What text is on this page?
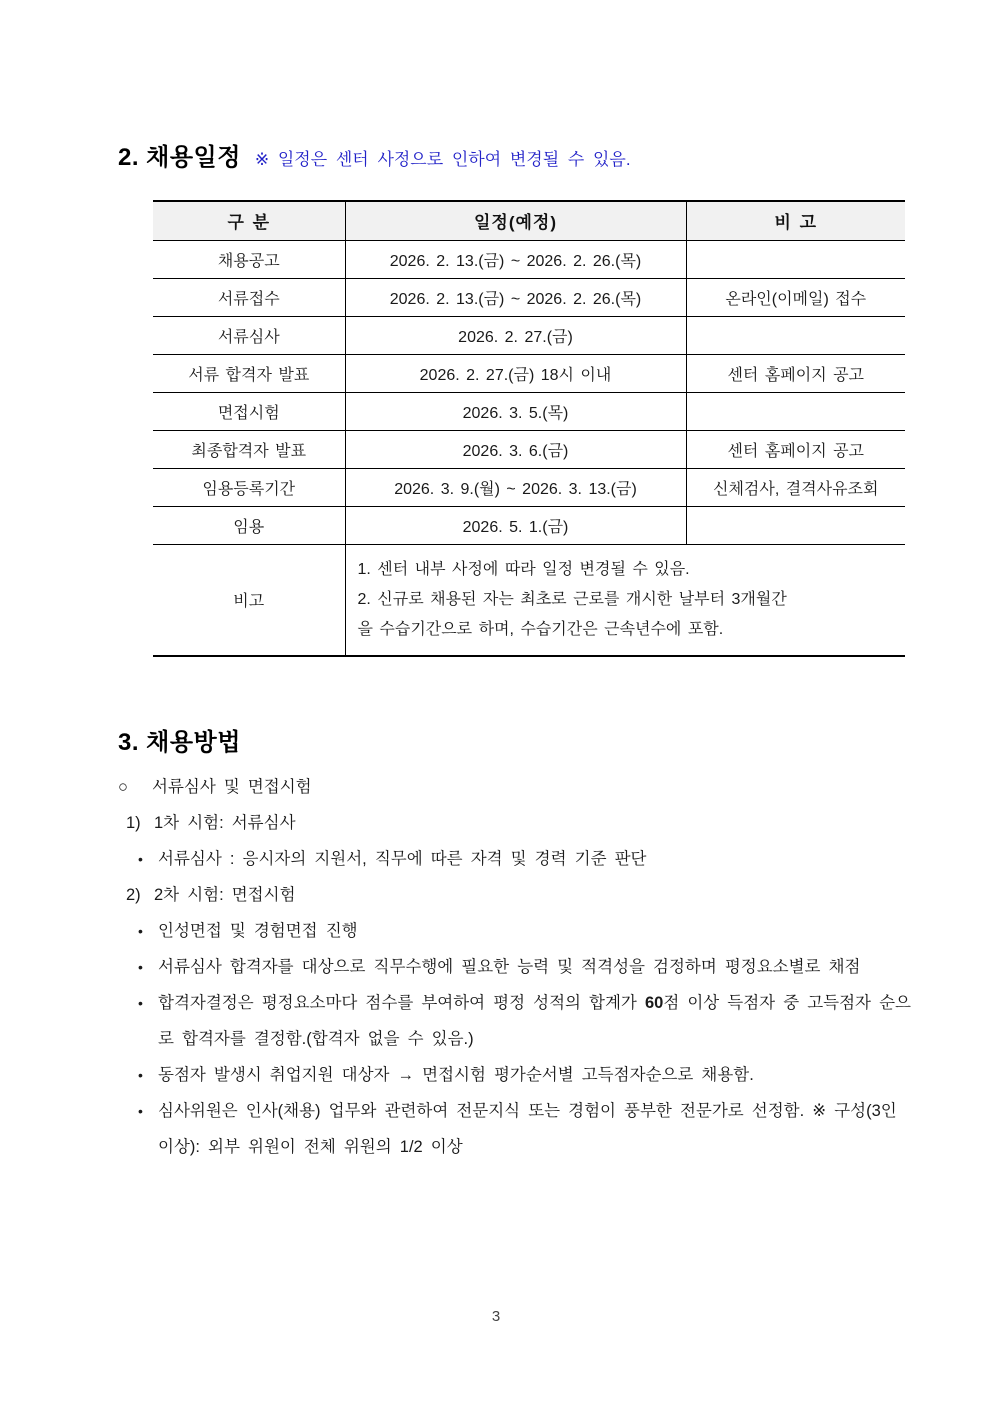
2. 채용일정 ※ 일정은 센터 사정으로 인하여 변경될 수 있음.
구 분	일정(예정)	비 고
채용공고	2026. 2. 13.(금) ~ 2026. 2. 26.(목)	
서류접수	2026. 2. 13.(금) ~ 2026. 2. 26.(목)	온라인(이메일) 접수
서류심사	2026. 2. 27.(금)	
서류 합격자 발표	2026. 2. 27.(금) 18시 이내	센터 홈페이지 공고
면접시험	2026. 3. 5.(목)	
최종합격자 발표	2026. 3. 6.(금)	센터 홈페이지 공고
임용등록기간	2026. 3. 9.(월) ~ 2026. 3. 13.(금)	신체검사, 결격사유조회
임용	2026. 5. 1.(금)	
비고	1. 센터 내부 사정에 따라 일정 변경될 수 있음.
2. 신규로 채용된 자는 최초로 근로를 개시한 날부터 3개월간
을 수습기간으로 하며, 수습기간은 근속년수에 포함.	
3. 채용방법
○	서류심사 및 면접시험
1) 1차 시험: 서류심사
• 서류심사 : 응시자의 지원서, 직무에 따른 자격 및 경력 기준 판단
2) 2차 시험: 면접시험
• 인성면접 및 경험면접 진행
• 서류심사 합격자를 대상으로 직무수행에 필요한 능력 및 적격성을 검정하며 평정요소별로 채점
• 합격자결정은 평정요소마다 점수를 부여하여 평정 성적의 합계가 60점 이상 득점자 중 고득점자 순으로 합격자를 결정함.(합격자 없을 수 있음.)
• 동점자 발생시 취업지원 대상자 → 면접시험 평가순서별 고득점자순으로 채용함.
• 심사위원은 인사(채용) 업무와 관련하여 전문지식 또는 경험이 풍부한 전문가로 선정함. ※ 구성(3인 이상): 외부 위원이 전체 위원의 1/2 이상
3
